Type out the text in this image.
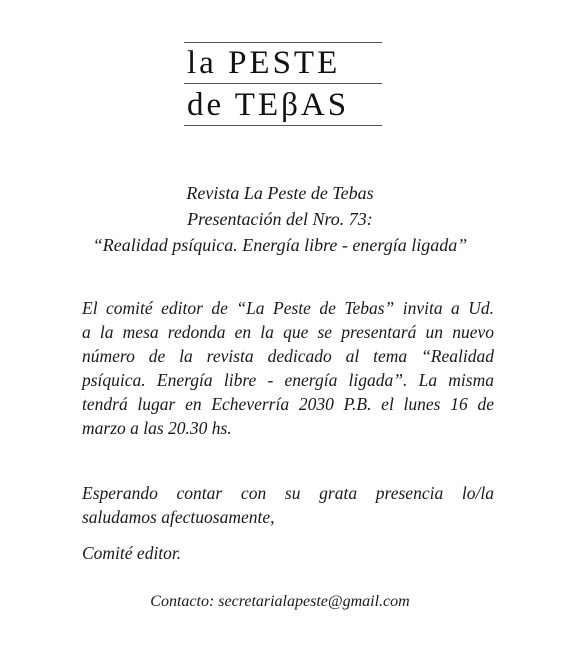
la PESTE
de TEβAS
Revista La Peste de Tebas
Presentación del Nro. 73:
“Realidad psíquica. Energía libre - energía ligada”
El comité editor de “La Peste de Tebas” invita a Ud.
a la mesa redonda en la que se presentará un nuevo
número de la revista dedicado al tema “Realidad
psíquica. Energía libre - energía ligada”. La misma
tendrá lugar en Echeverría 2030 P.B. el lunes 16 de
marzo a las 20.30 hs.
Esperando contar con su grata presencia lo/la
saludamos afectuosamente,
Comité editor.
Contacto: secretarialapeste@gmail.com
